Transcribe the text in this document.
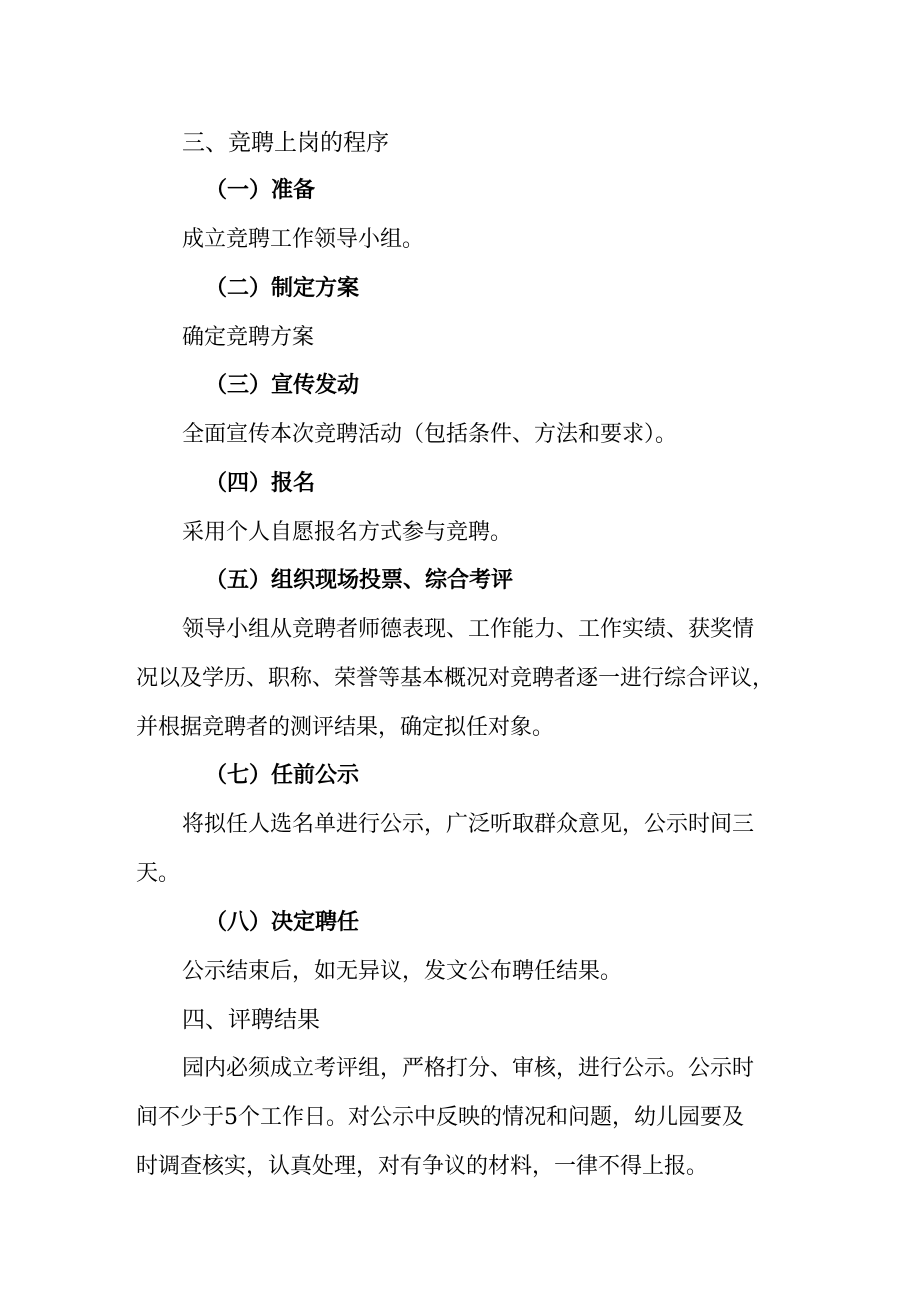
三、竞聘上岗的程序
（一）准备
成立竞聘工作领导小组。
（二）制定方案
确定竞聘方案
（三）宣传发动
全面宣传本次竞聘活动（包括条件、方法和要求）。
（四）报名
采用个人自愿报名方式参与竞聘。
（五）组织现场投票、综合考评
领导小组从竞聘者师德表现、工作能力、工作实绩、获奖情
况以及学历、职称、荣誉等基本概况对竞聘者逐一进行综合评议，
并根据竞聘者的测评结果，确定拟任对象。
（七）任前公示
将拟任人选名单进行公示，广泛听取群众意见，公示时间三
天。
（八）决定聘任
公示结束后，如无异议，发文公布聘任结果。
四、评聘结果
园内必须成立考评组，严格打分、审核，进行公示。公示时
间不少于5个工作日。对公示中反映的情况和问题，幼儿园要及
时调查核实，认真处理，对有争议的材料，一律不得上报。
